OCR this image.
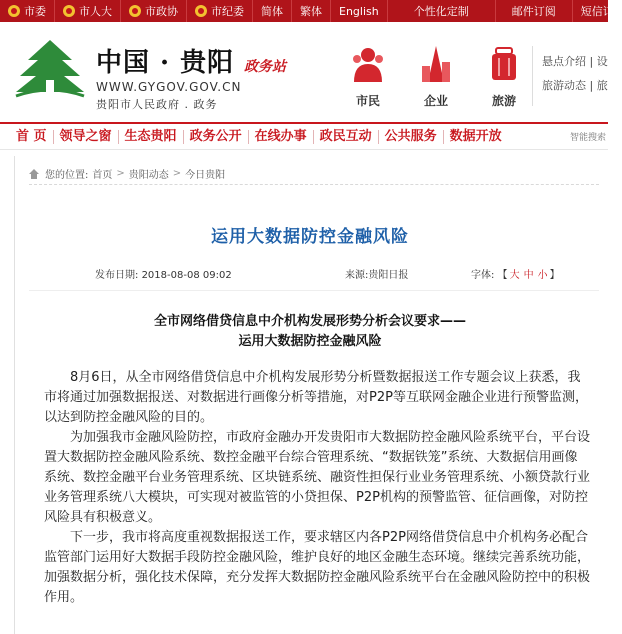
市委	市人大	市政协	市纪委 简体 繁体 English	个性化定制	邮件订阅 短信订
中国 · 贵阳 政务站
WWW.GYGOV.GOV.CN
贵阳市人民政府 . 政务	市民	企业	旅游
悬点介绍 | 设
旅游动态 | 旅
首 页	领导之窗	生态贵阳	政务公开	在线办事	政民互动	公共服务	数据开放	智能搜索
您的位置: 首页 > 贵阳动态 > 今日贵阳
运用大数据防控金融风险
发布日期: 2018-08-08 09:02	来源:贵阳日报	字体: 【 大 中 小 】
全市网络借贷信息中介机构发展形势分析会议要求——
运用大数据防控金融风险

8月6日，从全市网络借贷信息中介机构发展形势分析暨数据报送工作专题会议上获悉，我市将通过加强数据报送、对数据进行画像分析等措施，对P2P等互联网金融企业进行预警监测，以达到防控金融风险的目的。

为加强我市金融风险防控，市政府金融办开发贵阳市大数据防控金融风险系统平台，平台设置大数据防控金融风险系统、数控金融平台综合管理系统、“数据铁笼”系统、大数据信用画像系统、数控金融平台业务管理系统、区块链系统、融资性担保行业业务管理系统、小额贷款行业业务管理系统八大模块，可实现对被监管的小贷担保、P2P机构的预警监管、征信画像，对防控风险具有积极意义。

下一步，我市将高度重视数据报送工作，要求辖区内各P2P网络借贷信息中介机构务必配合监管部门运用好大数据手段防控金融风险，维护良好的地区金融生态环境。继续完善系统功能，加强数据分析，强化技术保障，充分发挥大数据防控金融风险系统平台在金融风险防控中的积极作用。
